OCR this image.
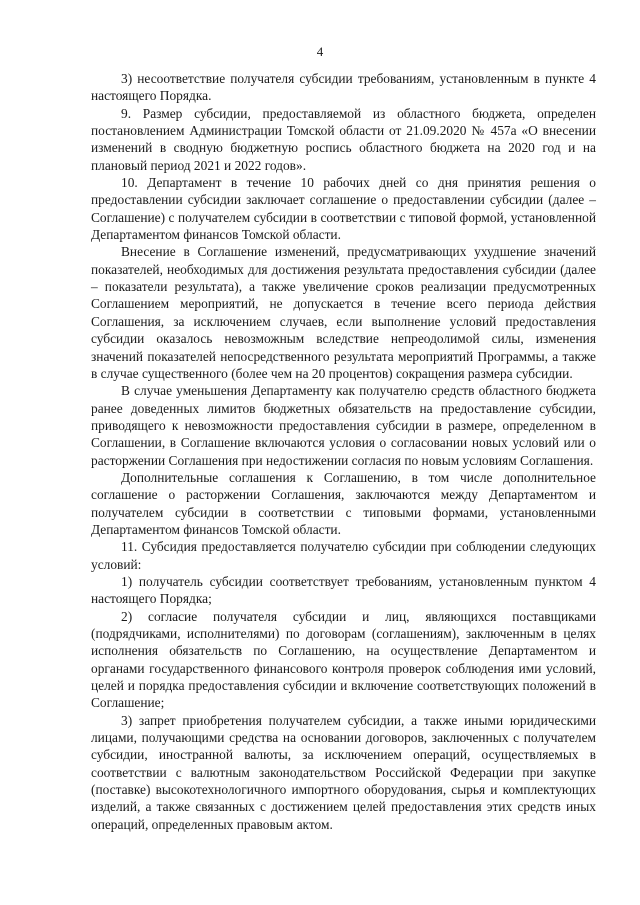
4

3) несоответствие получателя субсидии требованиям, установленным в пункте 4 настоящего Порядка.

9. Размер субсидии, предоставляемой из областного бюджета, определен постановлением Администрации Томской области от 21.09.2020 № 457а «О внесении изменений в сводную бюджетную роспись областного бюджета на 2020 год и на плановый период 2021 и 2022 годов».

10. Департамент в течение 10 рабочих дней со дня принятия решения о предоставлении субсидии заключает соглашение о предоставлении субсидии (далее – Соглашение) с получателем субсидии в соответствии с типовой формой, установленной Департаментом финансов Томской области.

Внесение в Соглашение изменений, предусматривающих ухудшение значений показателей, необходимых для достижения результата предоставления субсидии (далее – показатели результата), а также увеличение сроков реализации предусмотренных Соглашением мероприятий, не допускается в течение всего периода действия Соглашения, за исключением случаев, если выполнение условий предоставления субсидии оказалось невозможным вследствие непреодолимой силы, изменения значений показателей непосредственного результата мероприятий Программы, а также в случае существенного (более чем на 20 процентов) сокращения размера субсидии.

В случае уменьшения Департаменту как получателю средств областного бюджета ранее доведенных лимитов бюджетных обязательств на предоставление субсидии, приводящего к невозможности предоставления субсидии в размере, определенном в Соглашении, в Соглашение включаются условия о согласовании новых условий или о расторжении Соглашения при недостижении согласия по новым условиям Соглашения.

Дополнительные соглашения к Соглашению, в том числе дополнительное соглашение о расторжении Соглашения, заключаются между Департаментом и получателем субсидии в соответствии с типовыми формами, установленными Департаментом финансов Томской области.

11. Субсидия предоставляется получателю субсидии при соблюдении следующих условий:

1) получатель субсидии соответствует требованиям, установленным пунктом 4 настоящего Порядка;

2) согласие получателя субсидии и лиц, являющихся поставщиками (подрядчиками, исполнителями) по договорам (соглашениям), заключенным в целях исполнения обязательств по Соглашению, на осуществление Департаментом и органами государственного финансового контроля проверок соблюдения ими условий, целей и порядка предоставления субсидии и включение соответствующих положений в Соглашение;

3) запрет приобретения получателем субсидии, а также иными юридическими лицами, получающими средства на основании договоров, заключенных с получателем субсидии, иностранной валюты, за исключением операций, осуществляемых в соответствии с валютным законодательством Российской Федерации при закупке (поставке) высокотехнологичного импортного оборудования, сырья и комплектующих изделий, а также связанных с достижением целей предоставления этих средств иных операций, определенных правовым актом.
